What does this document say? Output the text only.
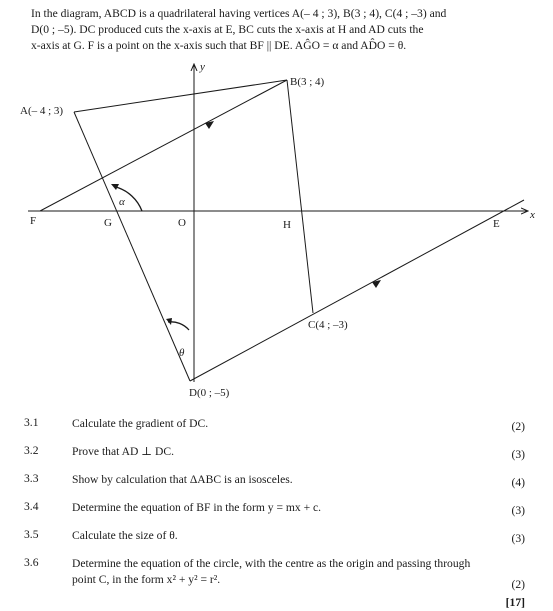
In the diagram, ABCD is a quadrilateral having vertices A(– 4 ; 3), B(3 ; 4), C(4 ; –3) and

D(0 ; –5). DC produced cuts the x-axis at E, BC cuts the x-axis at H and AD cuts the

x-axis at G. F is a point on the x-axis such that BF || DE. AĜO = α and AD̂O = θ.

A(– 4 ; 3)
B(3 ; 4)
C(4 ; –3)
D(0 ; –5)
F	G	O	H	E
x
y
α
θ
3.1	Calculate the gradient of DC.	(2)
3.2	Prove that AD ⊥ DC.	(3)
3.3	Show by calculation that ΔABC is an isosceles.	(4)
3.4	Determine the equation of BF in the form y = mx + c.	(3)
3.5	Calculate the size of θ.	(3)
3.6	Determine the equation of the circle, with the centre as the origin and passing through point C, in the form x² + y² = r².	(2)
[17]
